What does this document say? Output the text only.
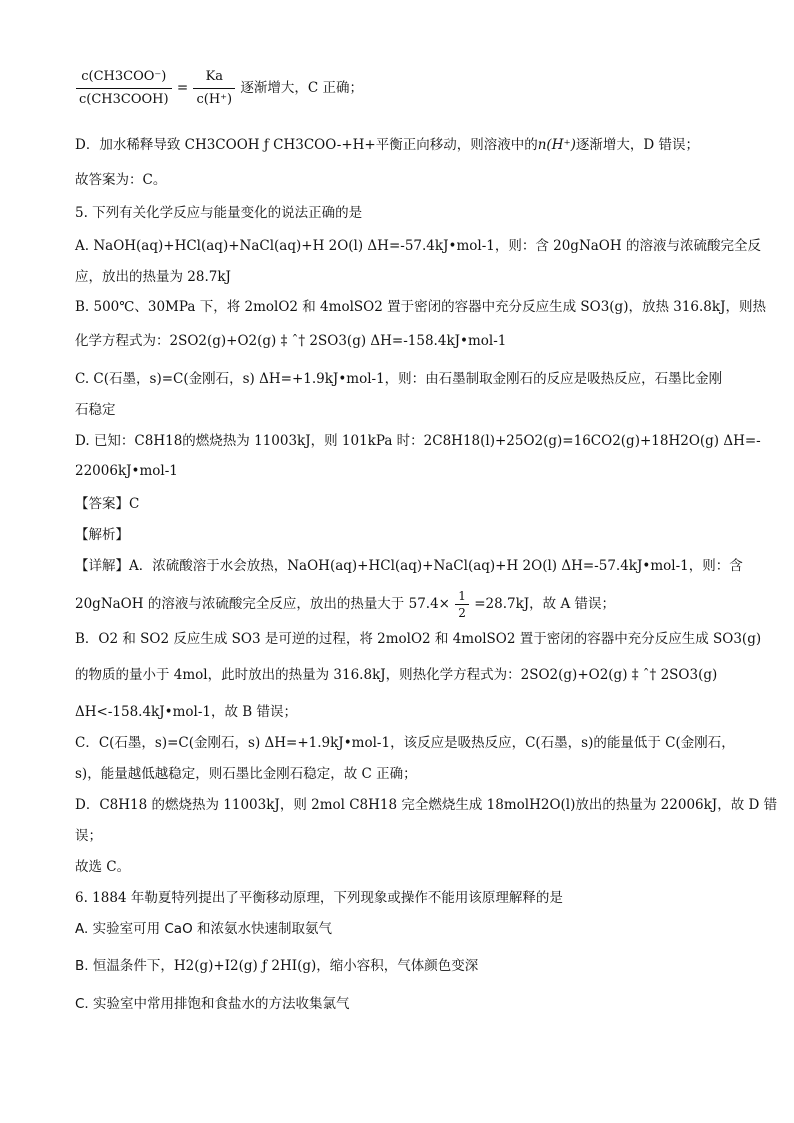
$\frac{\text{c(CH3COO⁻)}}{\text{c(CH3COOH)}} = \frac{Ka}{c(H^+)}$ 逐渐增大，C 正确；
D．加水稀释导致 CH3COOH ƒ CH3COO-+H+平衡正向移动，则溶液中的n(H⁺)逐渐增大，D 错误；
故答案为：C。
5. 下列有关化学反应与能量变化的说法正确的是
A. NaOH(aq)+HCl(aq)+NaCl(aq)+H 2O(l) ΔH=-57.4kJ•mol-1，则：含 20gNaOH 的溶液与浓硫酸完全反
应，放出的热量为 28.7kJ
B. 500℃、30MPa 下，将 2molO2 和 4molSO2 置于密闭的容器中充分反应生成 SO3(g)，放热 316.8kJ，则热
化学方程式为：2SO2(g)+O2(g) ‡ ˆ† 2SO3(g) ΔH=-158.4kJ•mol-1
C. C(石墨，s)=C(金刚石，s) ΔH=+1.9kJ•mol-1，则：由石墨制取金刚石的反应是吸热反应，石墨比金刚
石稳定
D. 已知：C8H18的燃烧热为 11003kJ，则 101kPa 时：2C8H18(l)+25O2(g)=16CO2(g)+18H2O(g) ΔH=-
22006kJ•mol-1
【答案】C
【解析】
【详解】A．浓硫酸溶于水会放热，NaOH(aq)+HCl(aq)+NaCl(aq)+H 2O(l) ΔH=-57.4kJ•mol-1，则：含
20gNaOH 的溶液与浓硫酸完全反应，放出的热量大于 $57.4\times \frac{1}{2} =28.7kJ$，故 A 错误；
B．O2 和 SO2 反应生成 SO3 是可逆的过程，将 2molO2 和 4molSO2 置于密闭的容器中充分反应生成 SO3(g)
的物质的量小于 4mol，此时放出的热量为 316.8kJ，则热化学方程式为：2SO2(g)+O2(g) ‡ ˆ† 2SO3(g)
ΔH<-158.4kJ•mol-1，故 B 错误；
C．C(石墨，s)=C(金刚石，s) ΔH=+1.9kJ•mol-1，该反应是吸热反应，C(石墨，s)的能量低于 C(金刚石，
s)，能量越低越稳定，则石墨比金刚石稳定，故 C 正确；
D．C8H18 的燃烧热为 11003kJ，则 2mol C8H18 完全燃烧生成 18molH2O(l)放出的热量为 22006kJ，故 D 错
误；
故选 C。
6. 1884 年勒夏特列提出了平衡移动原理，下列现象或操作不能用该原理解释的是
A. 实验室可用 CaO 和浓氨水快速制取氨气
B. 恒温条件下，H2(g)+I2(g) ƒ 2HI(g)，缩小容积，气体颜色变深
C. 实验室中常用排饱和食盐水的方法收集氯气
